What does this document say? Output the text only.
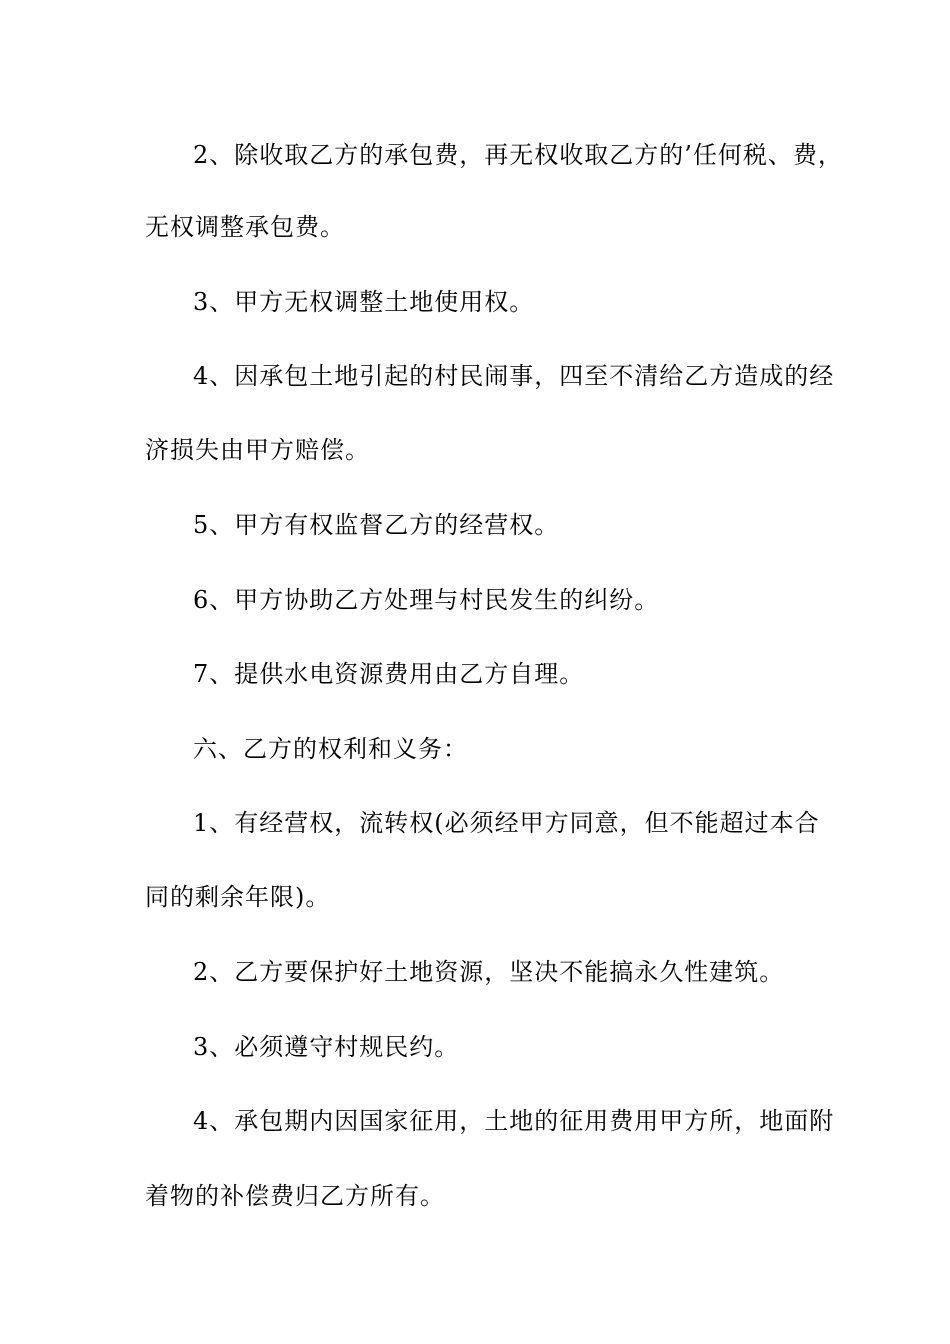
2、除收取乙方的承包费，再无权收取乙方的’任何税、费，
无权调整承包费。
3、甲方无权调整土地使用权。
4、因承包土地引起的村民闹事，四至不清给乙方造成的经
济损失由甲方赔偿。
5、甲方有权监督乙方的经营权。
6、甲方协助乙方处理与村民发生的纠纷。
7、提供水电资源费用由乙方自理。
六、乙方的权利和义务：
1、有经营权，流转权(必须经甲方同意，但不能超过本合
同的剩余年限)。
2、乙方要保护好土地资源，坚决不能搞永久性建筑。
3、必须遵守村规民约。
4、承包期内因国家征用，土地的征用费用甲方所，地面附
着物的补偿费归乙方所有。
